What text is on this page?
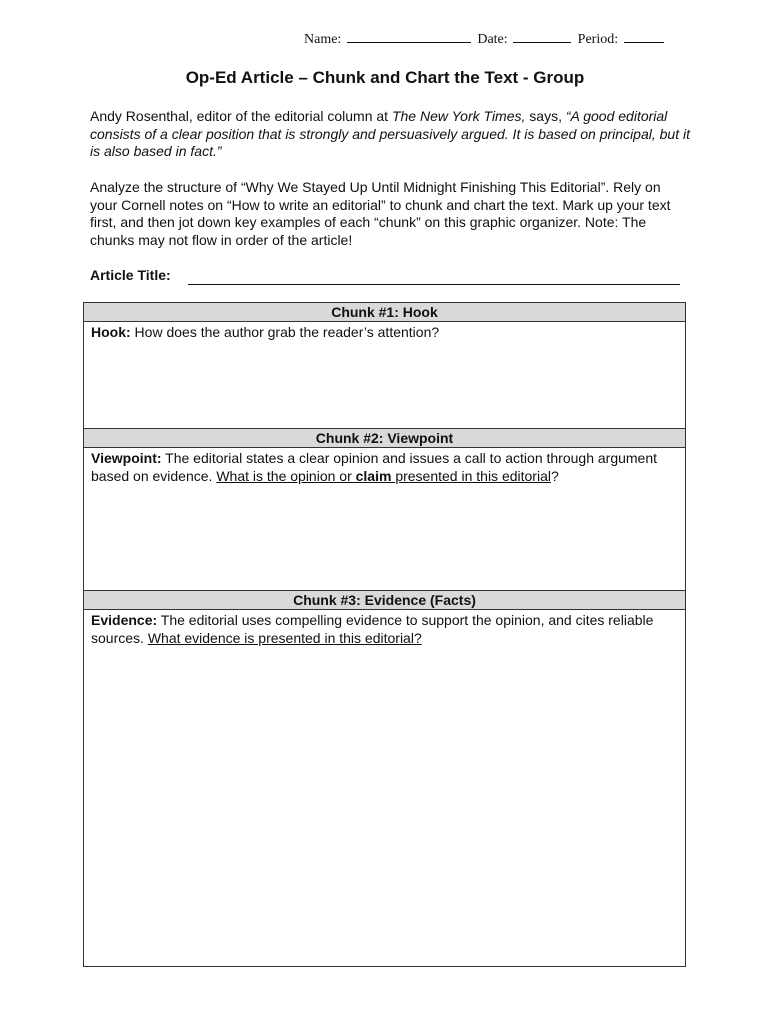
Name:	Date:	Period:
Op-Ed Article – Chunk and Chart the Text - Group
Andy Rosenthal, editor of the editorial column at The New York Times, says, “A good editorial consists of a clear position that is strongly and persuasively argued. It is based on principal, but it is also based in fact.”
Analyze the structure of “Why We Stayed Up Until Midnight Finishing This Editorial”. Rely on your Cornell notes on “How to write an editorial” to chunk and chart the text. Mark up your text first, and then jot down key examples of each “chunk” on this graphic organizer. Note: The chunks may not flow in order of the article!
Article Title:
Chunk #1: Hook
Hook: How does the author grab the reader’s attention?
Chunk #2: Viewpoint
Viewpoint: The editorial states a clear opinion and issues a call to action through argument based on evidence. What is the opinion or claim presented in this editorial?
Chunk #3: Evidence (Facts)
Evidence: The editorial uses compelling evidence to support the opinion, and cites reliable sources. What evidence is presented in this editorial?
